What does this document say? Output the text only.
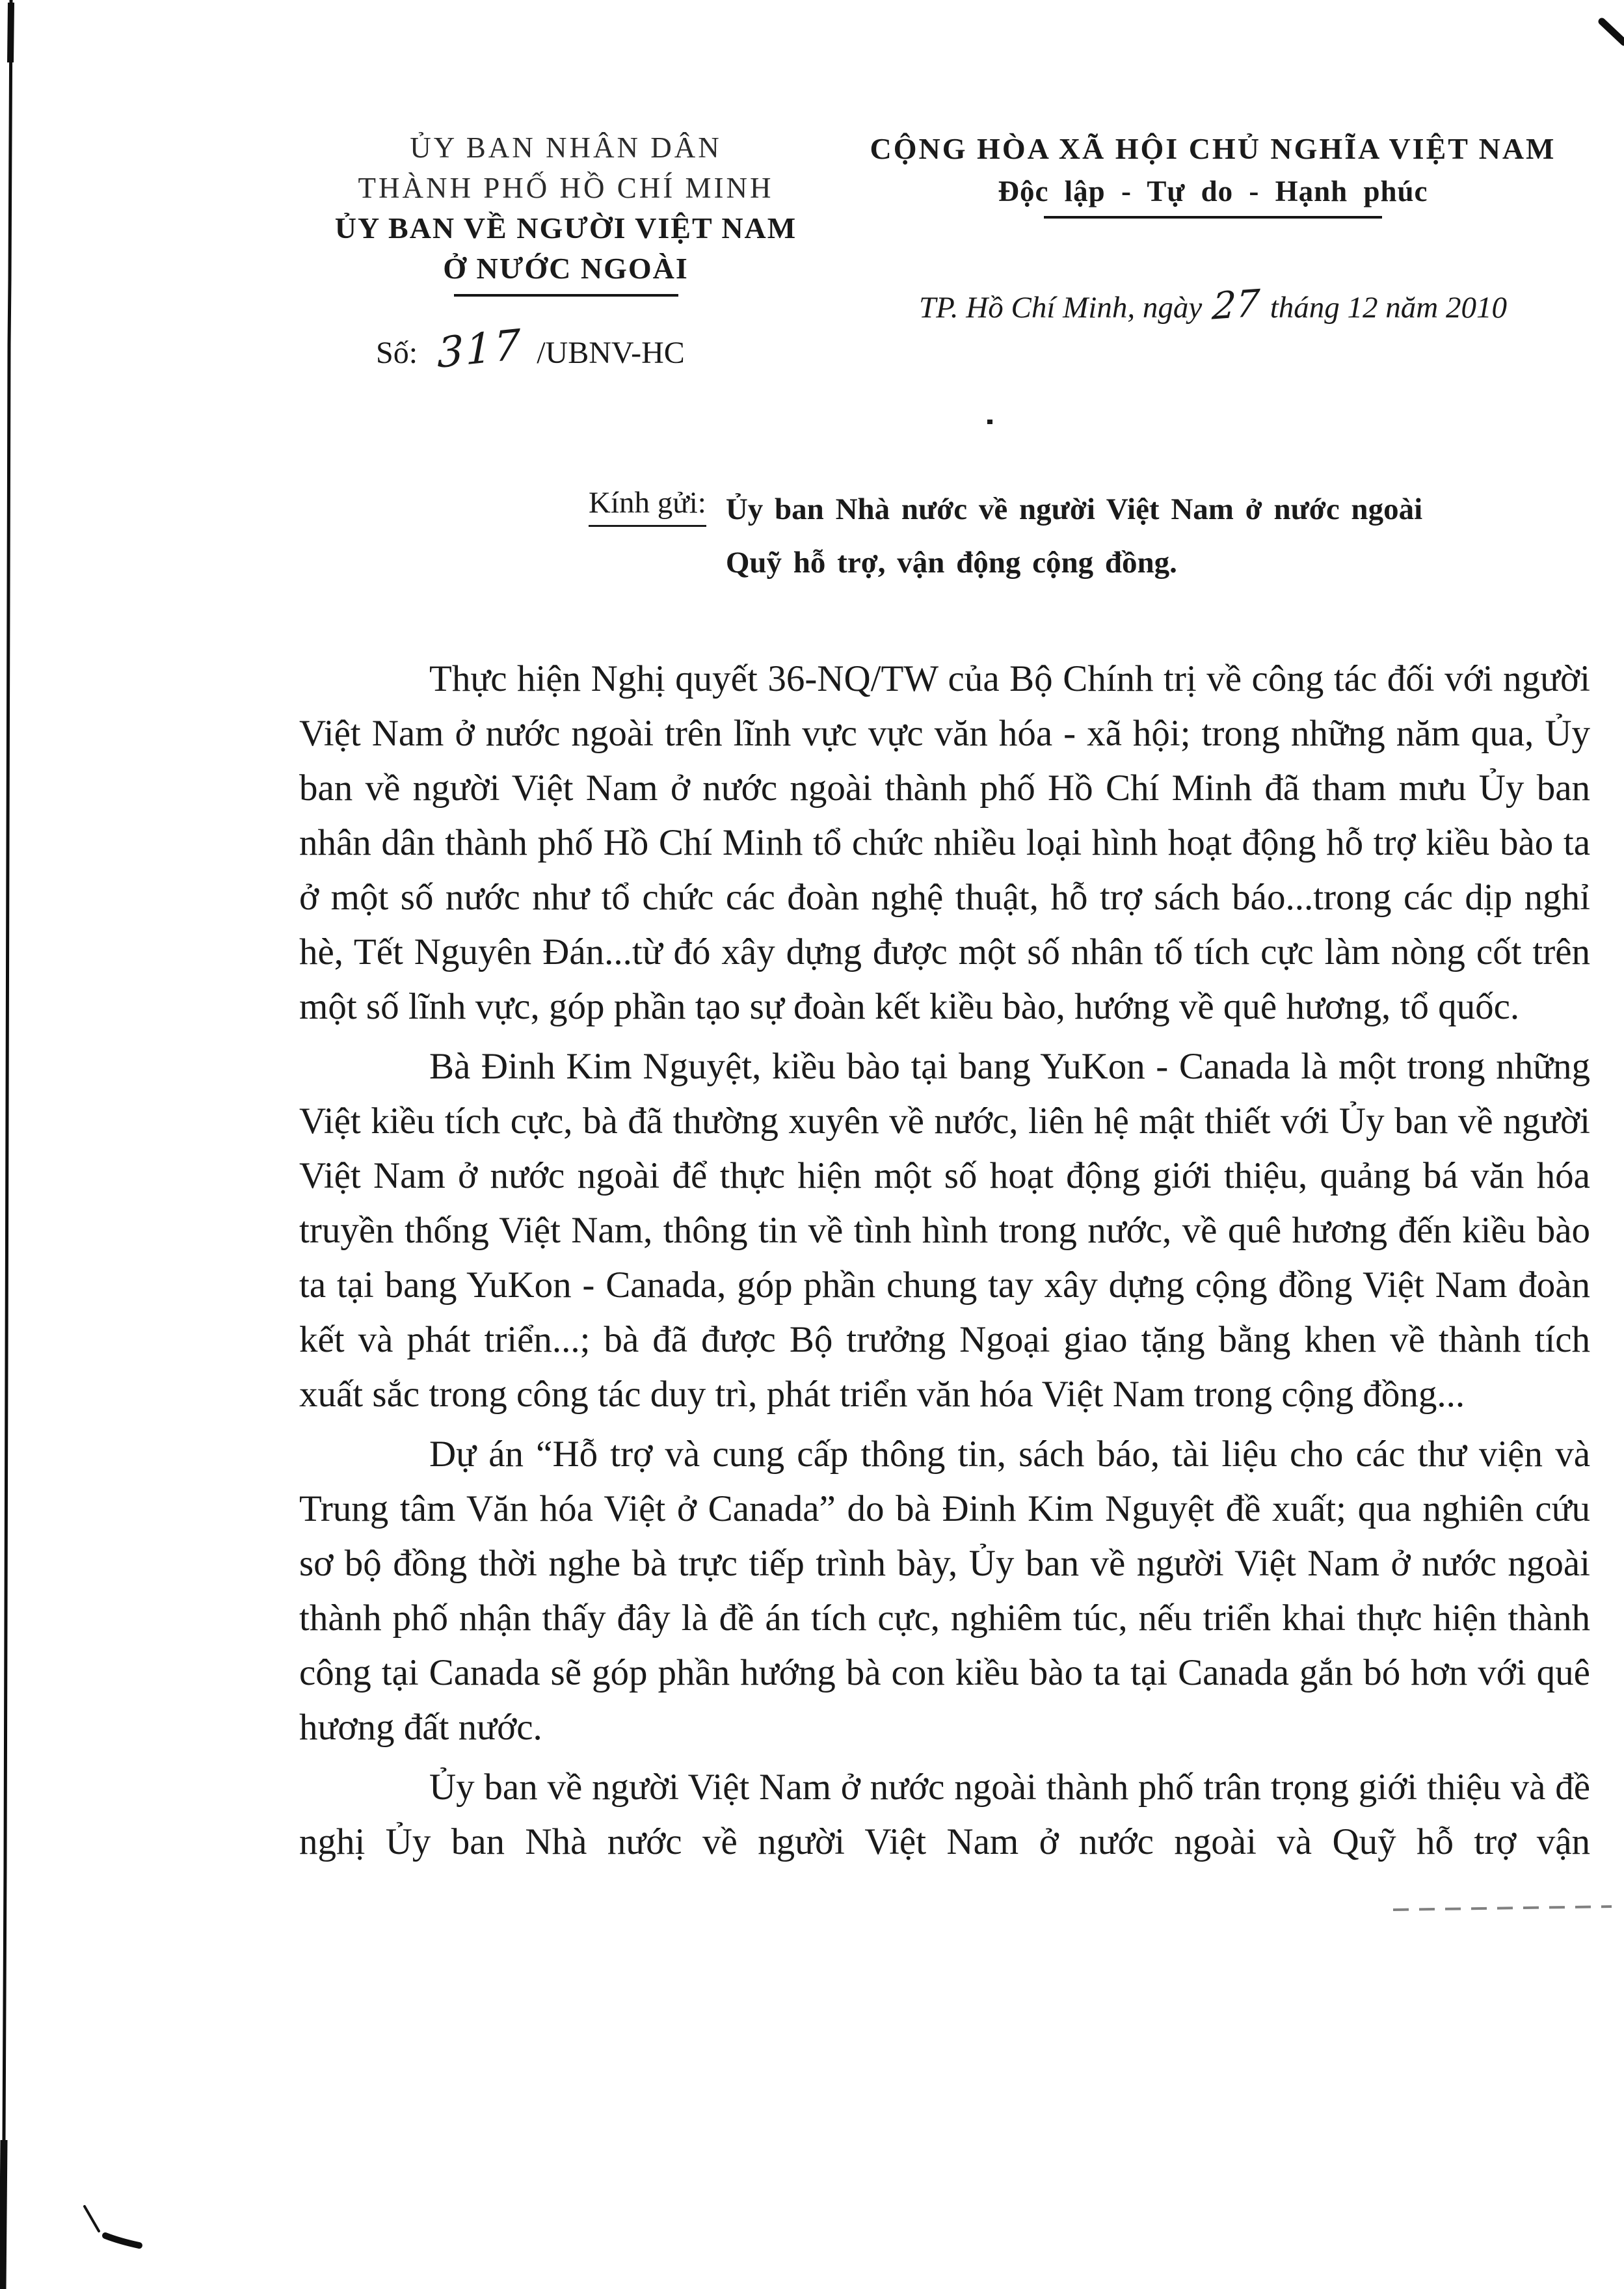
ỦY BAN NHÂN DÂN
THÀNH PHỐ HỒ CHÍ MINH
ỦY BAN VỀ NGƯỜI VIỆT NAM
Ở NƯỚC NGOÀI
Số: 317 /UBNV-HC
CỘNG HÒA XÃ HỘI CHỦ NGHĨA VIỆT NAM
Độc lập - Tự do - Hạnh phúc
TP. Hồ Chí Minh, ngày 27 tháng 12 năm 2010
Kính gửi: Ủy ban Nhà nước về người Việt Nam ở nước ngoài
Quỹ hỗ trợ, vận động cộng đồng.

Thực hiện Nghị quyết 36-NQ/TW của Bộ Chính trị về công tác đối với người Việt Nam ở nước ngoài trên lĩnh vực vực văn hóa - xã hội; trong những năm qua, Ủy ban về người Việt Nam ở nước ngoài thành phố Hồ Chí Minh đã tham mưu Ủy ban nhân dân thành phố Hồ Chí Minh tổ chức nhiều loại hình hoạt động hỗ trợ kiều bào ta ở một số nước như tổ chức các đoàn nghệ thuật, hỗ trợ sách báo...trong các dịp nghỉ hè, Tết Nguyên Đán...từ đó xây dựng được một số nhân tố tích cực làm nòng cốt trên một số lĩnh vực, góp phần tạo sự đoàn kết kiều bào, hướng về quê hương, tổ quốc.

Bà Đinh Kim Nguyệt, kiều bào tại bang YuKon - Canada là một trong những Việt kiều tích cực, bà đã thường xuyên về nước, liên hệ mật thiết với Ủy ban về người Việt Nam ở nước ngoài để thực hiện một số hoạt động giới thiệu, quảng bá văn hóa truyền thống Việt Nam, thông tin về tình hình trong nước, về quê hương đến kiều bào ta tại bang YuKon - Canada, góp phần chung tay xây dựng cộng đồng Việt Nam đoàn kết và phát triển...; bà đã được Bộ trưởng Ngoại giao tặng bằng khen về thành tích xuất sắc trong công tác duy trì, phát triển văn hóa Việt Nam trong cộng đồng...

Dự án “Hỗ trợ và cung cấp thông tin, sách báo, tài liệu cho các thư viện và Trung tâm Văn hóa Việt ở Canada” do bà Đinh Kim Nguyệt đề xuất; qua nghiên cứu sơ bộ đồng thời nghe bà trực tiếp trình bày, Ủy ban về người Việt Nam ở nước ngoài thành phố nhận thấy đây là đề án tích cực, nghiêm túc, nếu triển khai thực hiện thành công tại Canada sẽ góp phần hướng bà con kiều bào ta tại Canada gắn bó hơn với quê hương đất nước.

Ủy ban về người Việt Nam ở nước ngoài thành phố trân trọng giới thiệu và đề nghị Ủy ban Nhà nước về người Việt Nam ở nước ngoài và Quỹ hỗ trợ vận
